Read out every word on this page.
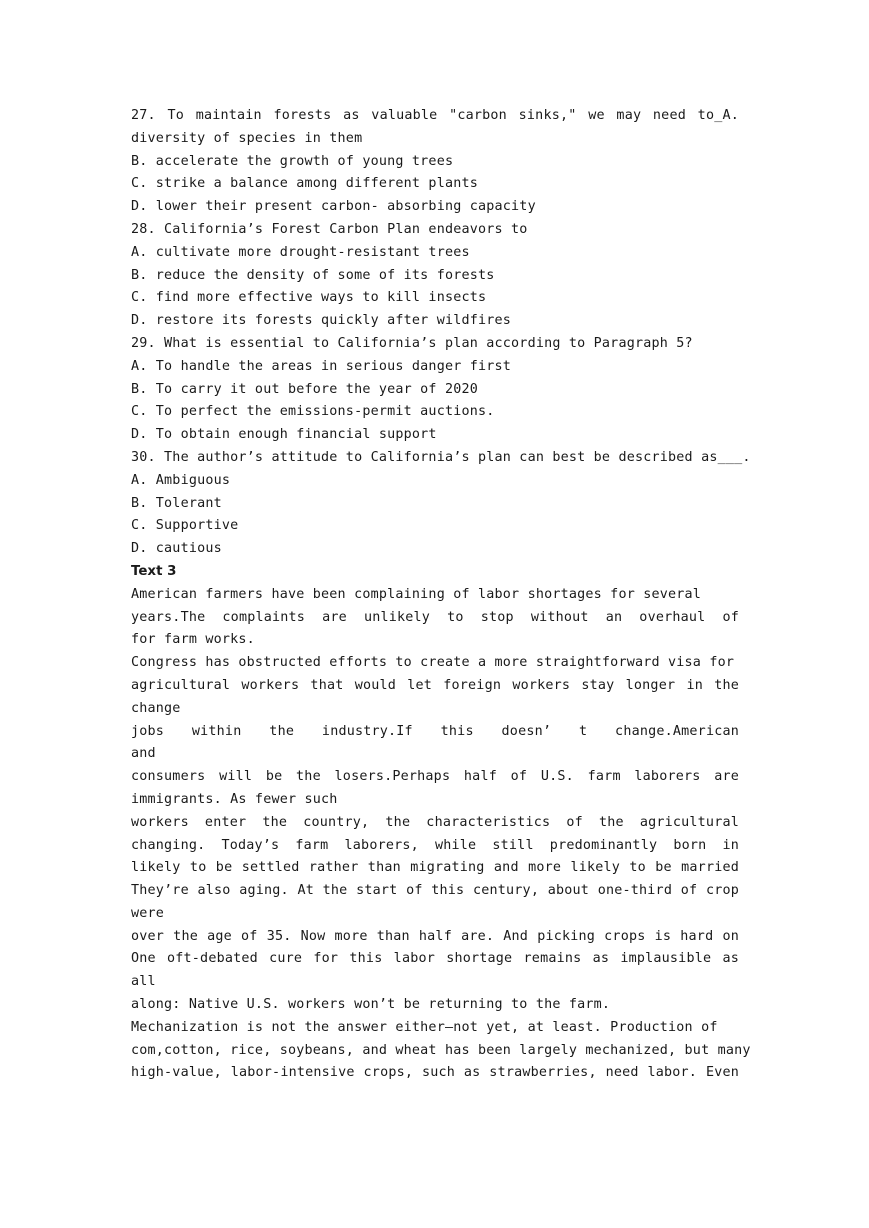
27. To maintain forests as valuable "carbon sinks," we may need to_A.
diversity of species in them
B. accelerate the growth of young trees
C. strike a balance among different plants
D. lower their present carbon- absorbing capacity
28. California’s Forest Carbon Plan endeavors to
A. cultivate more drought-resistant trees
B. reduce the density of some of its forests
C. find more effective ways to kill insects
D. restore its forests quickly after wildfires
29. What is essential to California’s plan according to Paragraph 5?
A. To handle the areas in serious danger first
B. To carry it out before the year of 2020
C. To perfect the emissions-permit auctions.
D. To obtain enough financial support
30. The author’s attitude to California’s plan can best be described as___.
A. Ambiguous
B. Tolerant
C. Supportive
D. cautious
Text 3
American farmers have been complaining of labor shortages for several
years.The complaints are unlikely to stop without an overhaul of
for farm works.
Congress has obstructed efforts to create a more straightforward visa for
agricultural workers that would let foreign workers stay longer in the
change
jobs within the industry.If this doesn’ t change.American
and
consumers will be the losers.Perhaps half of U.S. farm laborers are
immigrants. As fewer such
workers enter the country, the characteristics of the agricultural
changing. Today’s farm laborers, while still predominantly born in
likely to be settled rather than migrating and more likely to be married
They’re also aging. At the start of this century, about one-third of crop
were
over the age of 35. Now more than half are. And picking crops is hard on
One oft-debated cure for this labor shortage remains as implausible as
all
along: Native U.S. workers won’t be returning to the farm.
Mechanization is not the answer either—not yet, at least. Production of
com,cotton, rice, soybeans, and wheat has been largely mechanized, but many
high-value, labor-intensive crops, such as strawberries, need labor. Even
